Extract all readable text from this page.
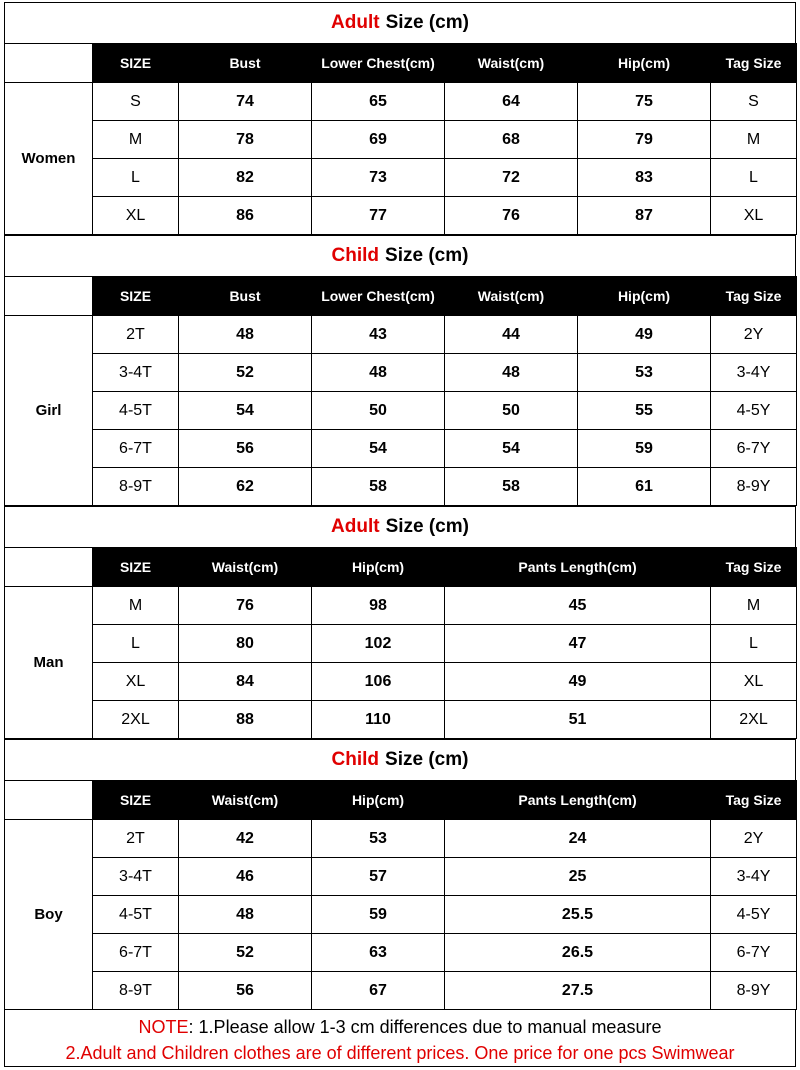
Adult Size (cm)
	SIZE	Bust	Lower Chest(cm)	Waist(cm)	Hip(cm)	Tag Size
Women	S	74	65	64	75	S
	M	78	69	68	79	M
	L	82	73	72	83	L
	XL	86	77	76	87	XL
Child Size (cm)
	SIZE	Bust	Lower Chest(cm)	Waist(cm)	Hip(cm)	Tag Size
Girl	2T	48	43	44	49	2Y
	3-4T	52	48	48	53	3-4Y
	4-5T	54	50	50	55	4-5Y
	6-7T	56	54	54	59	6-7Y
	8-9T	62	58	58	61	8-9Y
Adult Size (cm)
	SIZE	Waist(cm)	Hip(cm)	Pants Length(cm)	Tag Size
Man	M	76	98	45	M
	L	80	102	47	L
	XL	84	106	49	XL
	2XL	88	110	51	2XL
Child Size (cm)
	SIZE	Waist(cm)	Hip(cm)	Pants Length(cm)	Tag Size
Boy	2T	42	53	24	2Y
	3-4T	46	57	25	3-4Y
	4-5T	48	59	25.5	4-5Y
	6-7T	52	63	26.5	6-7Y
	8-9T	56	67	27.5	8-9Y
NOTE: 1.Please allow 1-3 cm differences due to manual measure
2.Adult and Children clothes are of different prices. One price for one pcs Swimwear
